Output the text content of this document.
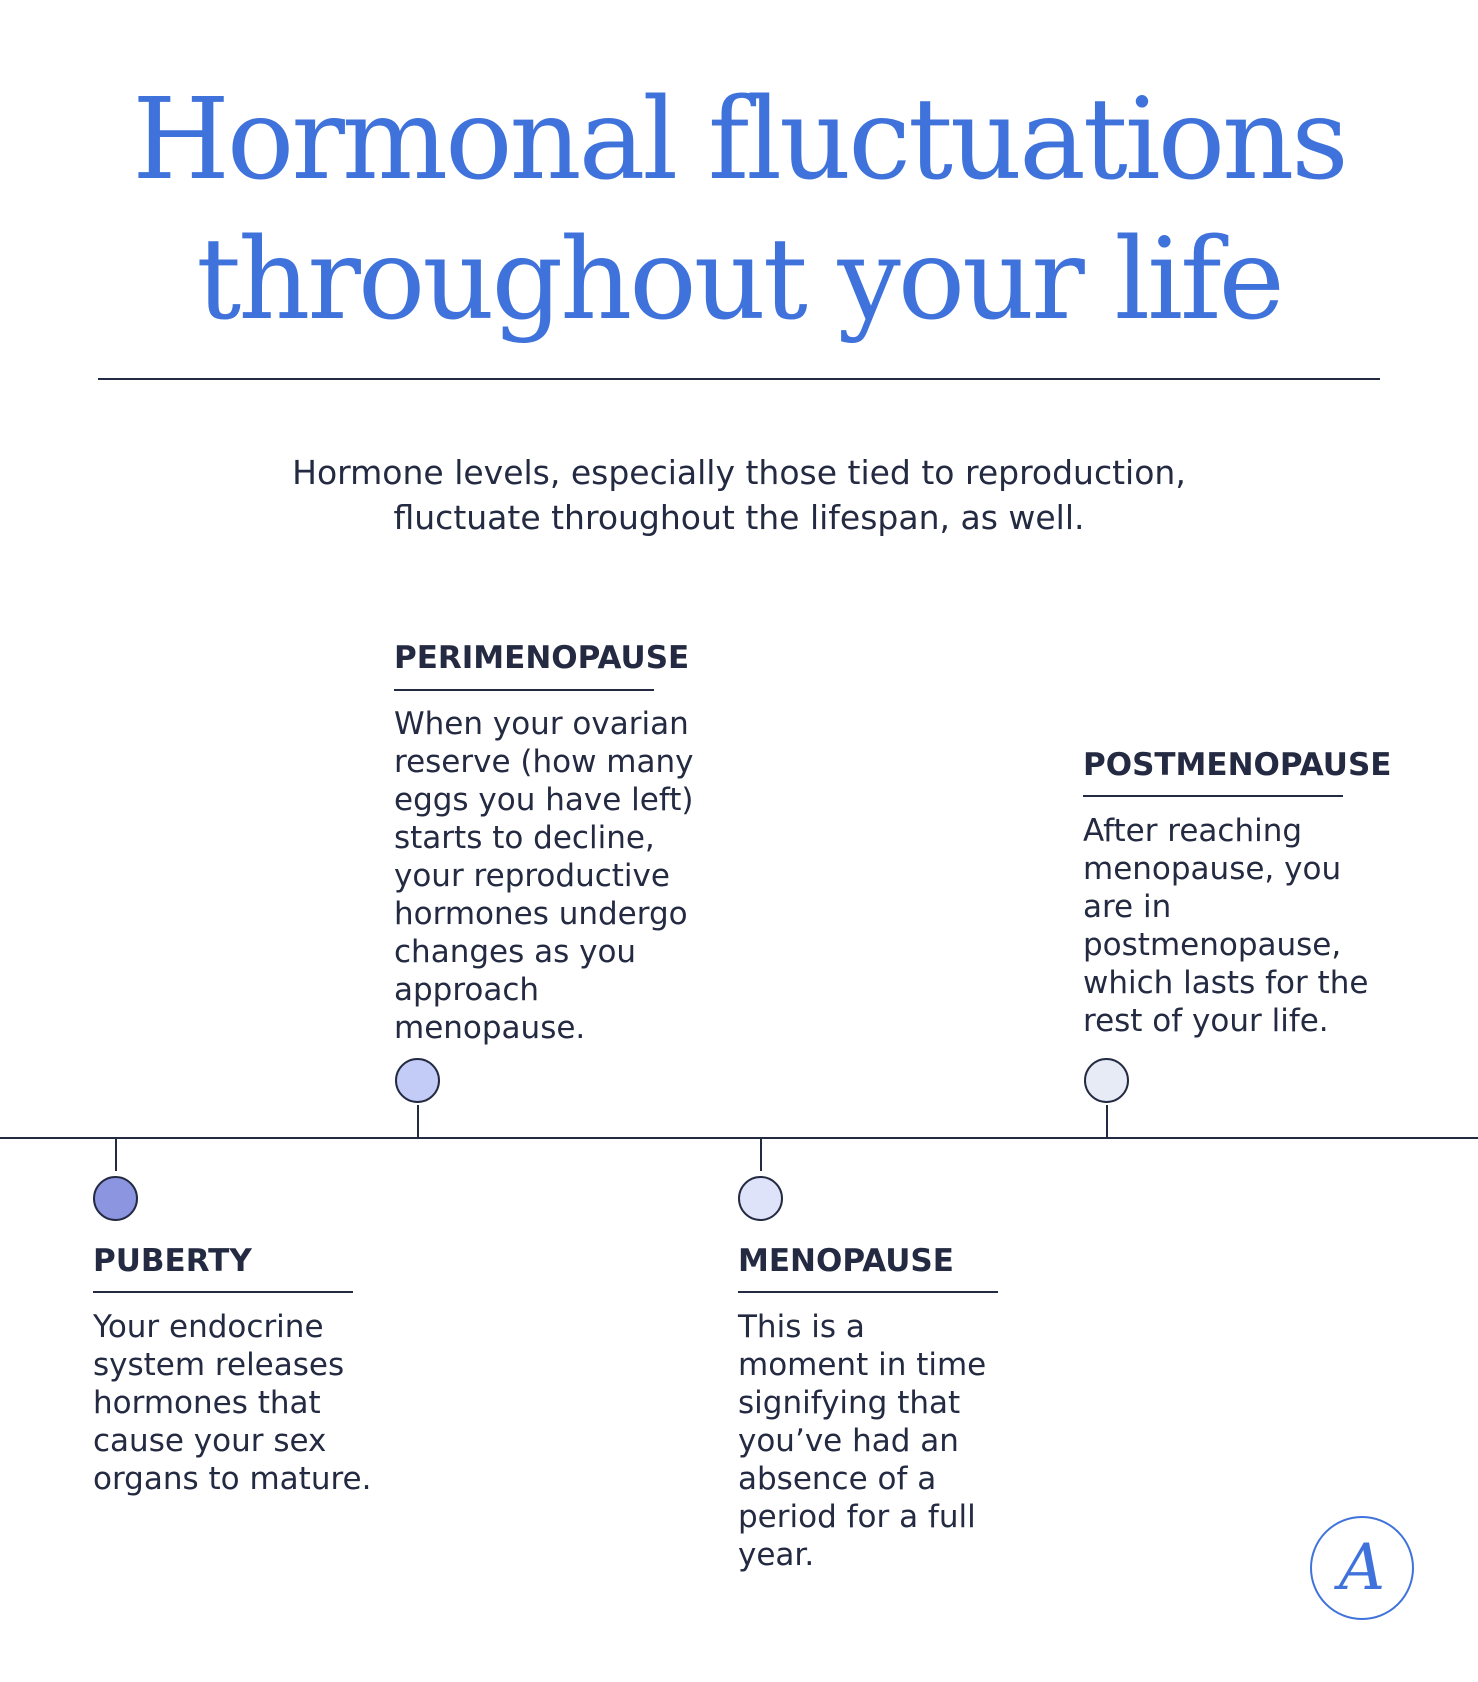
Hormonal fluctuations
throughout your life
Hormone levels, especially those tied to reproduction,
fluctuate throughout the lifespan, as well.
PERIMENOPAUSE
When your ovarian
reserve (how many
eggs you have left)
starts to decline,
your reproductive
hormones undergo
changes as you
approach
menopause.
POSTMENOPAUSE
After reaching
menopause, you
are in
postmenopause,
which lasts for the
rest of your life.
PUBERTY
Your endocrine
system releases
hormones that
cause your sex
organs to mature.
MENOPAUSE
This is a
moment in time
signifying that
you’ve had an
absence of a
period for a full
year.	A
